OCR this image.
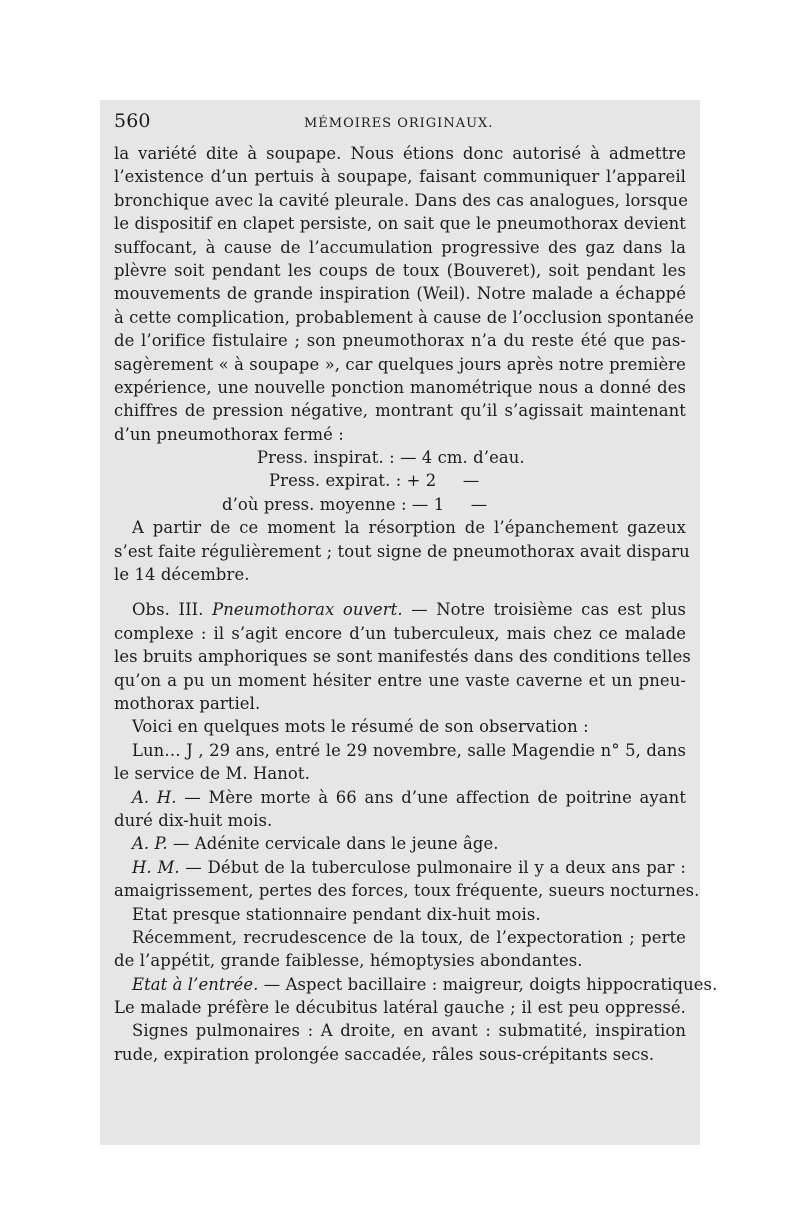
560	MÉMOIRES ORIGINAUX.
la variété dite à soupape. Nous étions donc autorisé à admettre
l’existence d’un pertuis à soupape, faisant communiquer l’appareil
bronchique avec la cavité pleurale. Dans des cas analogues, lorsque
le dispositif en clapet persiste, on sait que le pneumothorax devient
suffocant, à cause de l’accumulation progressive des gaz dans la
plèvre soit pendant les coups de toux (Bouveret), soit pendant les
mouvements de grande inspiration (Weil). Notre malade a échappé
à cette complication, probablement à cause de l’occlusion spontanée
de l’orifice fistulaire ; son pneumothorax n’a du reste été que pas-
sagèrement « à soupape », car quelques jours après notre première
expérience, une nouvelle ponction manométrique nous a donné des
chiffres de pression négative, montrant qu’il s’agissait maintenant
d’un pneumothorax fermé :
Press. inspirat. : — 4 cm. d’eau.
Press. expirat. : + 2     —
d’où press. moyenne : — 1     —
A partir de ce moment la résorption de l’épanchement gazeux
s’est faite régulièrement ; tout signe de pneumothorax avait disparu
le 14 décembre.
Obs. III. Pneumothorax ouvert. — Notre troisième cas est plus
complexe : il s’agit encore d’un tuberculeux, mais chez ce malade
les bruits amphoriques se sont manifestés dans des conditions telles
qu’on a pu un moment hésiter entre une vaste caverne et un pneu-
mothorax partiel.
Voici en quelques mots le résumé de son observation :
Lun… J , 29 ans, entré le 29 novembre, salle Magendie n° 5, dans
le service de M. Hanot.
A. H. — Mère morte à 66 ans d’une affection de poitrine ayant
duré dix-huit mois.
A. P. — Adénite cervicale dans le jeune âge.
H. M. — Début de la tuberculose pulmonaire il y a deux ans par :
amaigrissement, pertes des forces, toux fréquente, sueurs nocturnes.
Etat presque stationnaire pendant dix-huit mois.
Récemment, recrudescence de la toux, de l’expectoration ; perte
de l’appétit, grande faiblesse, hémoptysies abondantes.
Etat à l’entrée. — Aspect bacillaire : maigreur, doigts hippocratiques.
Le malade préfère le décubitus latéral gauche ; il est peu oppressé.
Signes pulmonaires : A droite, en avant : submatité, inspiration
rude, expiration prolongée saccadée, râles sous-crépitants secs.
